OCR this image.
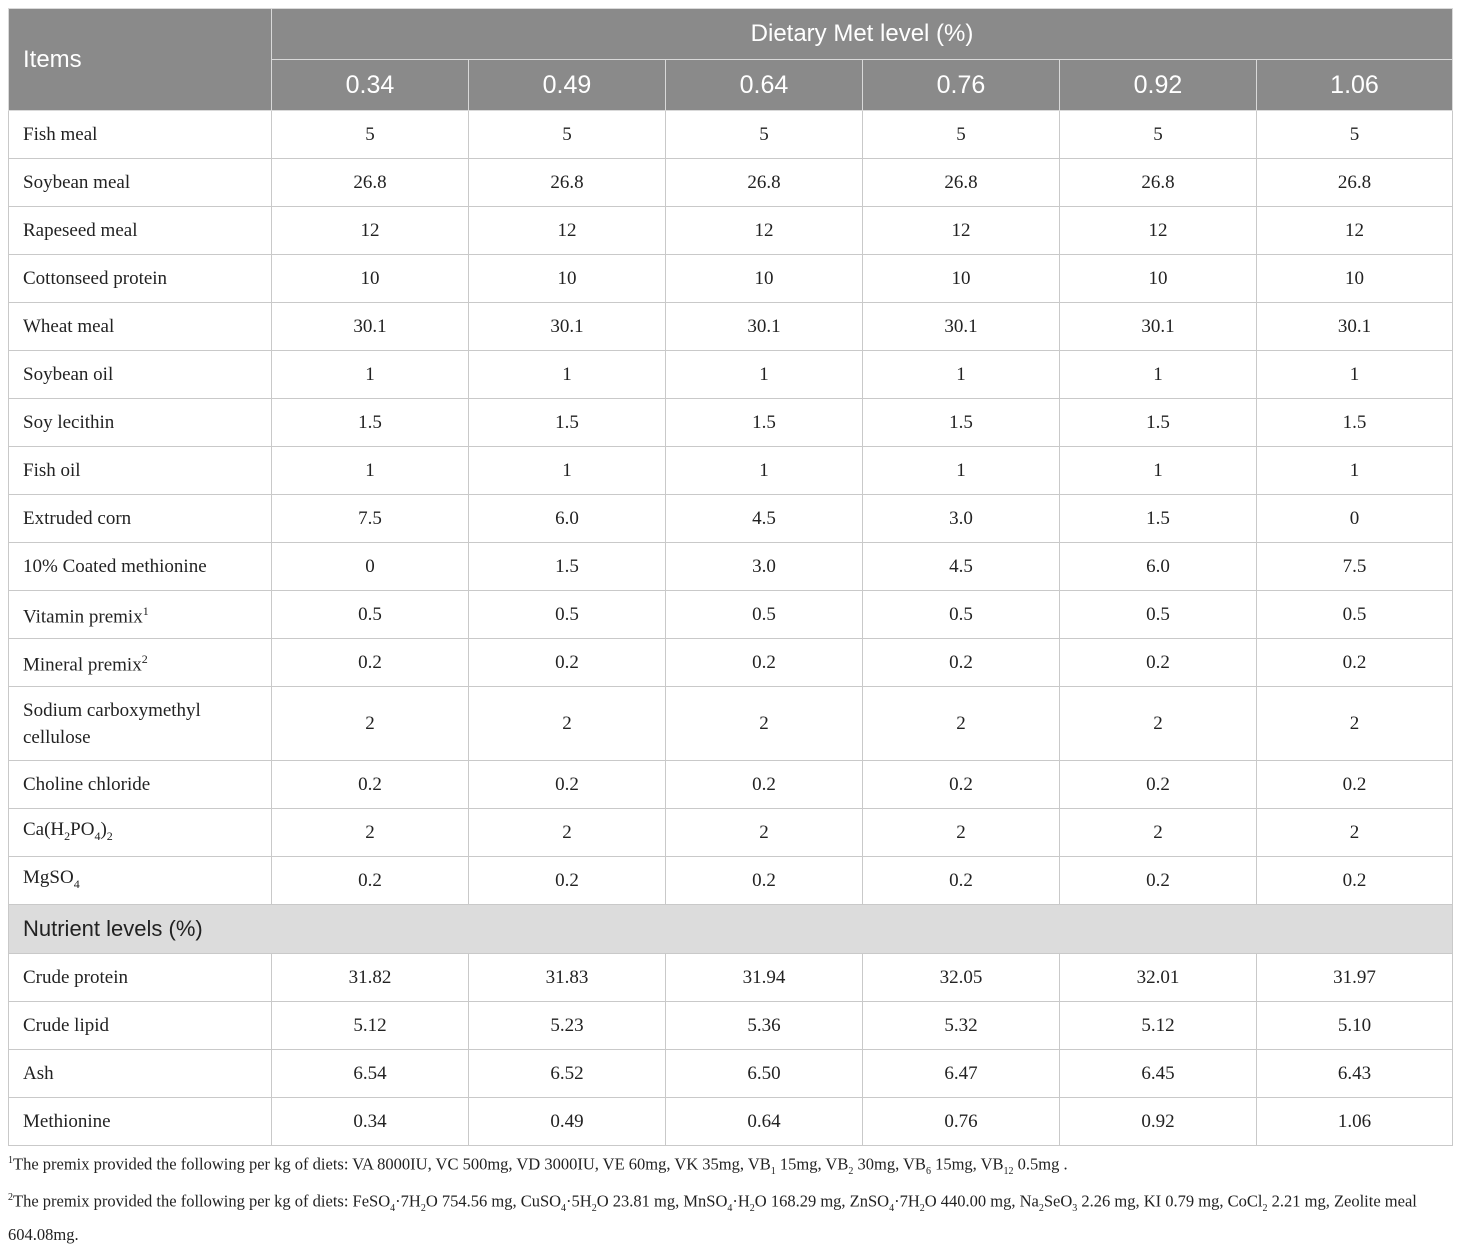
Items	Dietary Met level (%)					
	0.34	0.49	0.64	0.76	0.92	1.06
Fish meal	5	5	5	5	5	5
Soybean meal	26.8	26.8	26.8	26.8	26.8	26.8
Rapeseed meal	12	12	12	12	12	12
Cottonseed protein	10	10	10	10	10	10
Wheat meal	30.1	30.1	30.1	30.1	30.1	30.1
Soybean oil	1	1	1	1	1	1
Soy lecithin	1.5	1.5	1.5	1.5	1.5	1.5
Fish oil	1	1	1	1	1	1
Extruded corn	7.5	6.0	4.5	3.0	1.5	0
10% Coated methionine	0	1.5	3.0	4.5	6.0	7.5
Vitamin premix$^1$	0.5	0.5	0.5	0.5	0.5	0.5
Mineral premix$^2$	0.2	0.2	0.2	0.2	0.2	0.2
Sodium carboxymethyl cellulose	2	2	2	2	2	2
Choline chloride	0.2	0.2	0.2	0.2	0.2	0.2
$Ca(H_2PO_4)_2$	2	2	2	2	2	2
MgSO$_4$	0.2	0.2	0.2	0.2	0.2	0.2
Nutrient levels (%)						
Crude protein	31.82	31.83	31.94	32.05	32.01	31.97
Crude lipid	5.12	5.23	5.36	5.32	5.12	5.10
Ash	6.54	6.52	6.50	6.47	6.45	6.43
Methionine	0.34	0.49	0.64	0.76	0.92	1.06

$^1$The premix provided the following per kg of diets: VA 8000IU, VC 500mg, VD 3000IU, VE 60mg, VK 35mg, $VB_1$ 15mg, $VB_2$ 30mg, $VB_6$ 15mg, $VB_{12}$ 0.5mg .

$^2$The premix provided the following per kg of diets: $FeSO_4\cdot 7H_2O$ 754.56 mg, $CuSO_4\cdot 5H_2O$ 23.81 mg, $MnSO_4\cdot H_2O$ 168.29 mg, $ZnSO_4\cdot 7H_2O$ 440.00 mg, $Na_2SeO_3$ 2.26 mg, KI 0.79 mg, CoCl$_2$ 2.21 mg, Zeolite meal 604.08mg.
